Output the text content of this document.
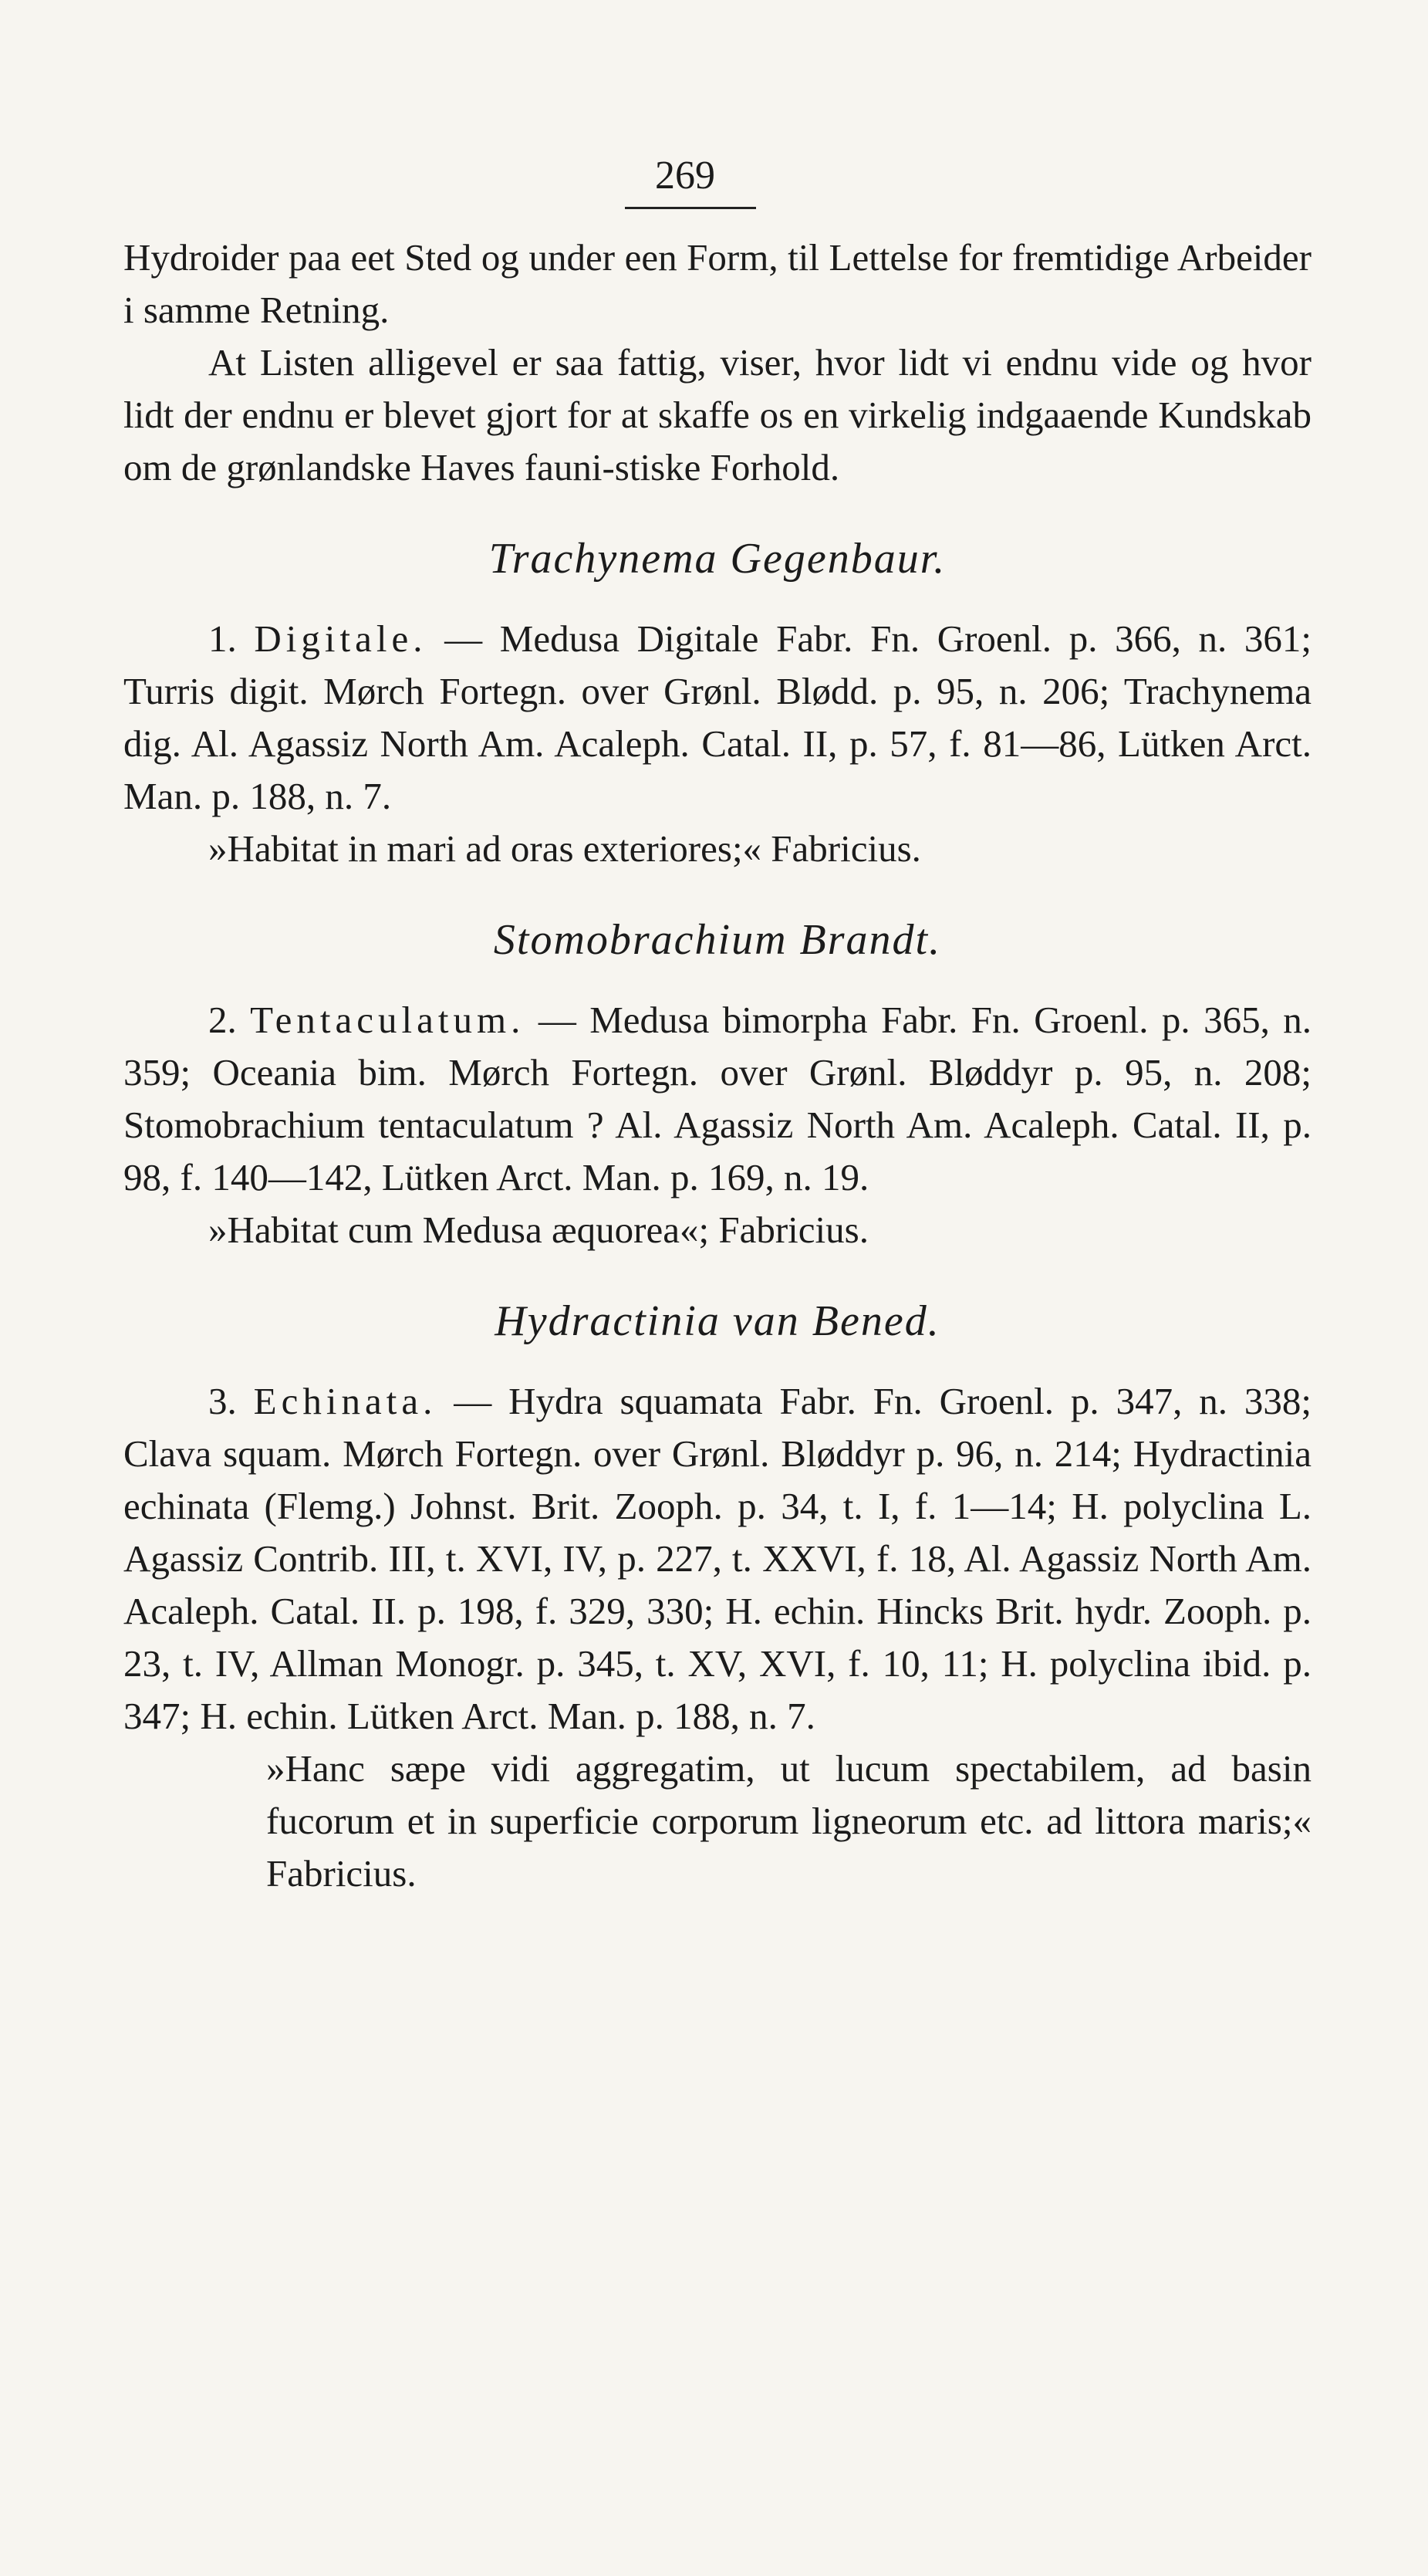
269

Hydroider paa eet Sted og under een Form, til Lettelse for fremtidige Arbeider i samme Retning.

At Listen alligevel er saa fattig, viser, hvor lidt vi endnu vide og hvor lidt der endnu er blevet gjort for at skaffe os en virkelig indgaaende Kundskab om de grønlandske Haves fauni-stiske Forhold.

Trachynema Gegenbaur.

1. Digitale. — Medusa Digitale Fabr. Fn. Groenl. p. 366, n. 361; Turris digit. Mørch Fortegn. over Grønl. Blødd. p. 95, n. 206; Trachynema dig. Al. Agassiz North Am. Acaleph. Catal. II, p. 57, f. 81—86, Lütken Arct. Man. p. 188, n. 7.

»Habitat in mari ad oras exteriores;« Fabricius.

Stomobrachium Brandt.

2. Tentaculatum. — Medusa bimorpha Fabr. Fn. Groenl. p. 365, n. 359; Oceania bim. Mørch Fortegn. over Grønl. Bløddyr p. 95, n. 208; Stomobrachium tentaculatum ? Al. Agassiz North Am. Acaleph. Catal. II, p. 98, f. 140—142, Lütken Arct. Man. p. 169, n. 19.

»Habitat cum Medusa æquorea«; Fabricius.

Hydractinia van Bened.

3. Echinata. — Hydra squamata Fabr. Fn. Groenl. p. 347, n. 338; Clava squam. Mørch Fortegn. over Grønl. Bløddyr p. 96, n. 214; Hydractinia echinata (Flemg.) Johnst. Brit. Zooph. p. 34, t. I, f. 1—14; H. polyclina L. Agassiz Contrib. III, t. XVI, IV, p. 227, t. XXVI, f. 18, Al. Agassiz North Am. Acaleph. Catal. II. p. 198, f. 329, 330; H. echin. Hincks Brit. hydr. Zooph. p. 23, t. IV, Allman Monogr. p. 345, t. XV, XVI, f. 10, 11; H. polyclina ibid. p. 347; H. echin. Lütken Arct. Man. p. 188, n. 7.

»Hanc sæpe vidi aggregatim, ut lucum spectabilem, ad basin fucorum et in superficie corporum ligneorum etc. ad littora maris;« Fabricius.
